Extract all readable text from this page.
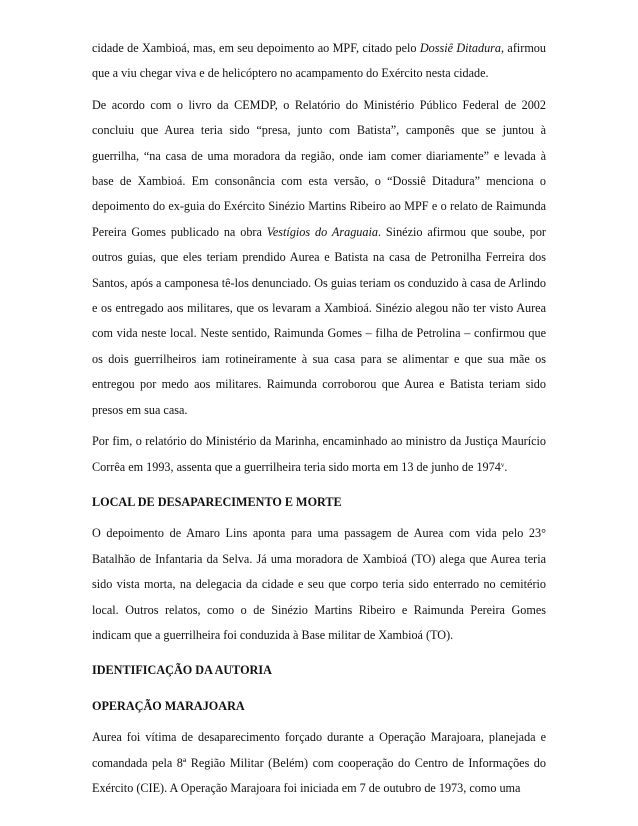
cidade de Xambioá, mas, em seu depoimento ao MPF, citado pelo Dossiê Ditadura, afirmou que a viu chegar viva e de helicóptero no acampamento do Exército nesta cidade.

De acordo com o livro da CEMDP, o Relatório do Ministério Público Federal de 2002 concluiu que Aurea teria sido “presa, junto com Batista”, camponês que se juntou à guerrilha, “na casa de uma moradora da região, onde iam comer diariamente” e levada à base de Xambioá. Em consonância com esta versão, o “Dossiê Ditadura” menciona o depoimento do ex-guia do Exército Sinézio Martins Ribeiro ao MPF e o relato de Raimunda Pereira Gomes publicado na obra Vestígios do Araguaia. Sinézio afirmou que soube, por outros guias, que eles teriam prendido Aurea e Batista na casa de Petronilha Ferreira dos Santos, após a camponesa tê-los denunciado. Os guias teriam os conduzido à casa de Arlindo e os entregado aos militares, que os levaram a Xambioá. Sinézio alegou não ter visto Aurea com vida neste local. Neste sentido, Raimunda Gomes – filha de Petrolina – confirmou que os dois guerrilheiros iam rotineiramente à sua casa para se alimentar e que sua mãe os entregou por medo aos militares. Raimunda corroborou que Aurea e Batista teriam sido presos em sua casa.

Por fim, o relatório do Ministério da Marinha, encaminhado ao ministro da Justiça Maurício Corrêa em 1993, assenta que a guerrilheira teria sido morta em 13 de junho de 1974$^v$.

LOCAL DE DESAPARECIMENTO E MORTE

O depoimento de Amaro Lins aponta para uma passagem de Aurea com vida pelo 23° Batalhão de Infantaria da Selva. Já uma moradora de Xambioá (TO) alega que Aurea teria sido vista morta, na delegacia da cidade e seu que corpo teria sido enterrado no cemitério local. Outros relatos, como o de Sinézio Martins Ribeiro e Raimunda Pereira Gomes indicam que a guerrilheira foi conduzida à Base militar de Xambioá (TO).

IDENTIFICAÇÃO DA AUTORIA
OPERAÇÃO MARAJOARA

Aurea foi vítima de desaparecimento forçado durante a Operação Marajoara, planejada e comandada pela 8ª Região Militar (Belém) com cooperação do Centro de Informações do Exército (CIE). A Operação Marajoara foi iniciada em 7 de outubro de 1973, como uma
